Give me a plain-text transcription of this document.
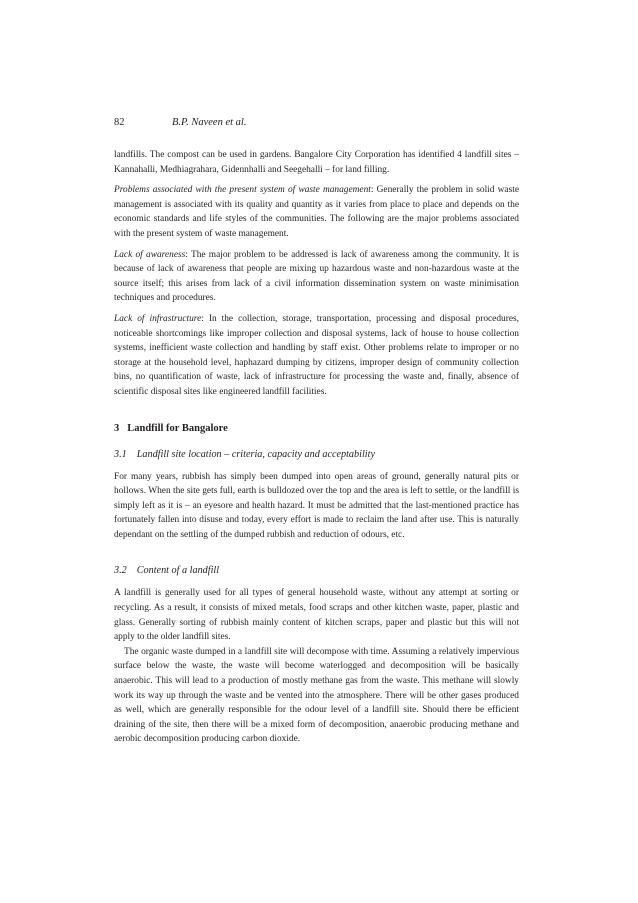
82	B.P. Naveen et al.

landfills. The compost can be used in gardens. Bangalore City Corporation has identified 4 landfill sites – Kannahalli, Medhiagrahara, Gidennhalli and Seegehalli – for land filling.

Problems associated with the present system of waste management: Generally the problem in solid waste management is associated with its quality and quantity as it varies from place to place and depends on the economic standards and life styles of the communities. The following are the major problems associated with the present system of waste management.

Lack of awareness: The major problem to be addressed is lack of awareness among the community. It is because of lack of awareness that people are mixing up hazardous waste and non-hazardous waste at the source itself; this arises from lack of a civil information dissemination system on waste minimisation techniques and procedures.

Lack of infrastructure: In the collection, storage, transportation, processing and disposal procedures, noticeable shortcomings like improper collection and disposal systems, lack of house to house collection systems, inefficient waste collection and handling by staff exist. Other problems relate to improper or no storage at the household level, haphazard dumping by citizens, improper design of community collection bins, no quantification of waste, lack of infrastructure for processing the waste and, finally, absence of scientific disposal sites like engineered landfill facilities.

3 Landfill for Bangalore
3.1 Landfill site location – criteria, capacity and acceptability

For many years, rubbish has simply been dumped into open areas of ground, generally natural pits or hollows. When the site gets full, earth is bulldozed over the top and the area is left to settle, or the landfill is simply left as it is – an eyesore and health hazard. It must be admitted that the last-mentioned practice has fortunately fallen into disuse and today, every effort is made to reclaim the land after use. This is naturally dependant on the settling of the dumped rubbish and reduction of odours, etc.

3.2 Content of a landfill

A landfill is generally used for all types of general household waste, without any attempt at sorting or recycling. As a result, it consists of mixed metals, food scraps and other kitchen waste, paper, plastic and glass. Generally sorting of rubbish mainly content of kitchen scraps, paper and plastic but this will not apply to the older landfill sites.

The organic waste dumped in a landfill site will decompose with time. Assuming a relatively impervious surface below the waste, the waste will become waterlogged and decomposition will be basically anaerobic. This will lead to a production of mostly methane gas from the waste. This methane will slowly work its way up through the waste and be vented into the atmosphere. There will be other gases produced as well, which are generally responsible for the odour level of a landfill site. Should there be efficient draining of the site, then there will be a mixed form of decomposition, anaerobic producing methane and aerobic decomposition producing carbon dioxide.
